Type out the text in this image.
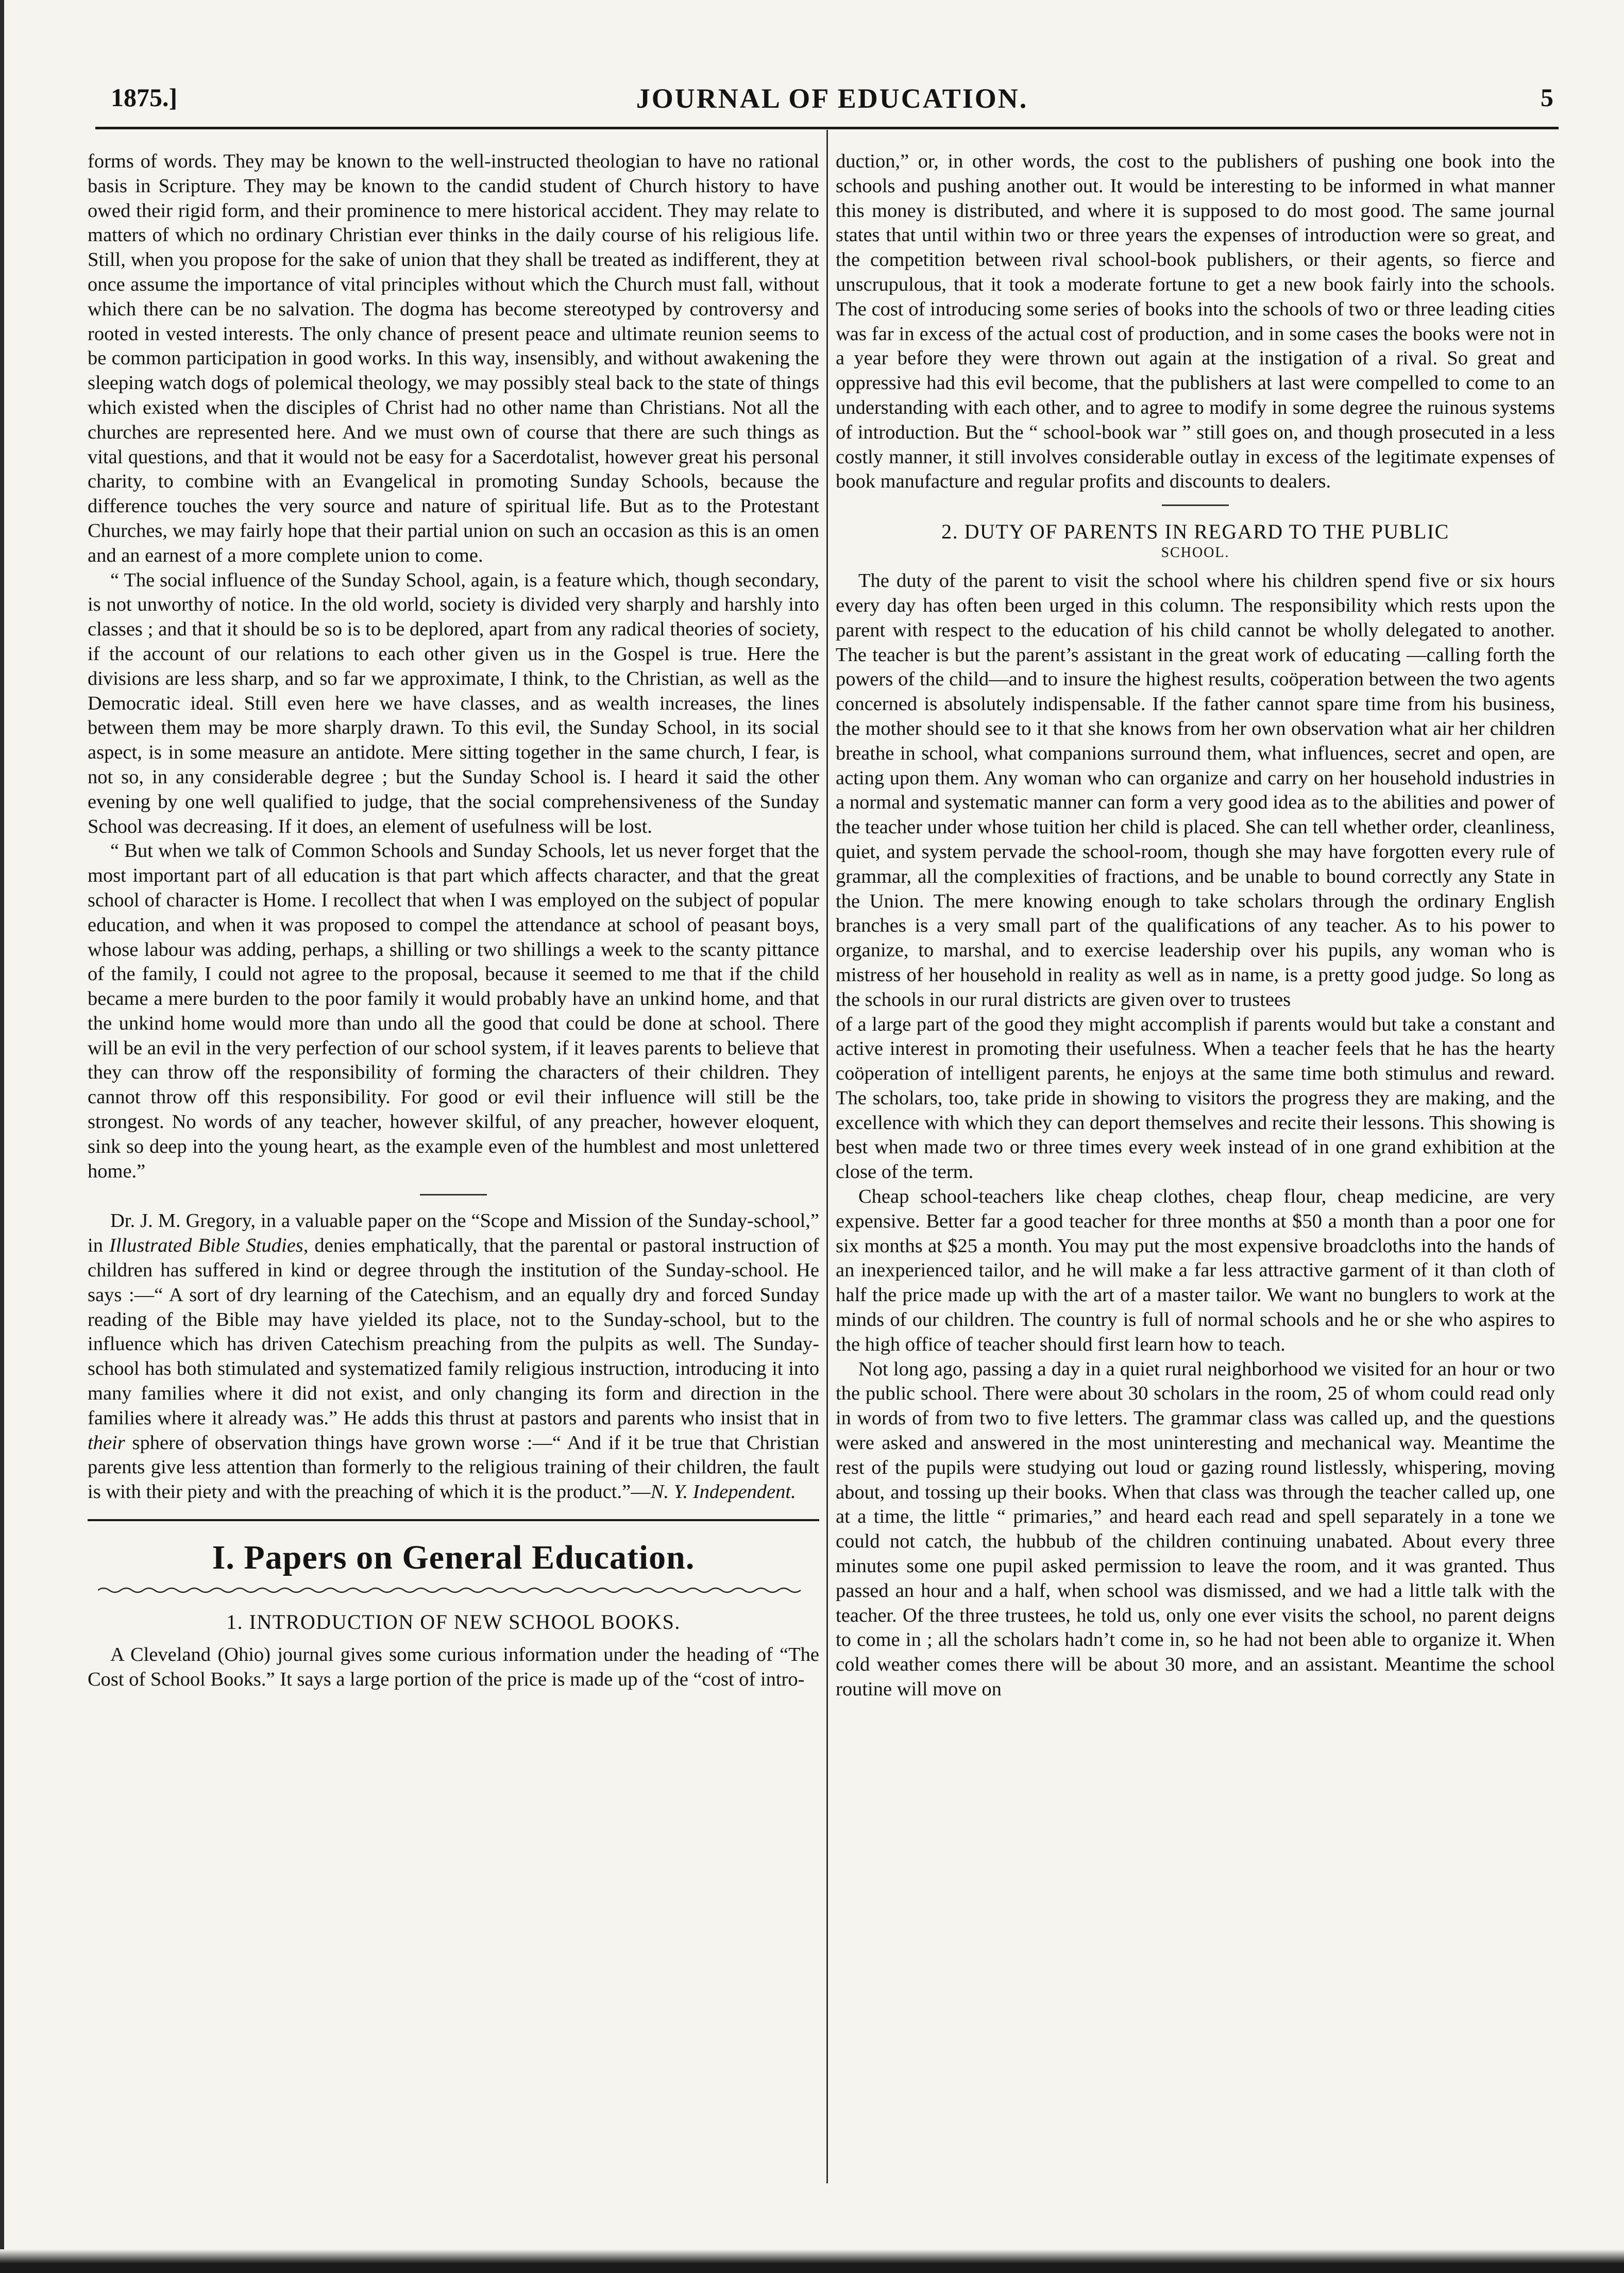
1875.]	JOURNAL OF EDUCATION.	5

forms of words. They may be known to the well-instructed theologian to have no rational basis in Scripture. They may be known to the candid student of Church history to have owed their rigid form, and their prominence to mere historical accident. They may relate to matters of which no ordinary Christian ever thinks in the daily course of his religious life. Still, when you propose for the sake of union that they shall be treated as indifferent, they at once assume the importance of vital principles without which the Church must fall, without which there can be no salvation. The dogma has become stereotyped by controversy and rooted in vested interests. The only chance of present peace and ultimate reunion seems to be common participation in good works. In this way, insensibly, and without awakening the sleeping watch dogs of polemical theology, we may possibly steal back to the state of things which existed when the disciples of Christ had no other name than Christians. Not all the churches are represented here. And we must own of course that there are such things as vital questions, and that it would not be easy for a Sacerdotalist, however great his personal charity, to combine with an Evangelical in promoting Sunday Schools, because the difference touches the very source and nature of spiritual life. But as to the Protestant Churches, we may fairly hope that their partial union on such an occasion as this is an omen and an earnest of a more complete union to come.

“ The social influence of the Sunday School, again, is a feature which, though secondary, is not unworthy of notice. In the old world, society is divided very sharply and harshly into classes ; and that it should be so is to be deplored, apart from any radical theories of society, if the account of our relations to each other given us in the Gospel is true. Here the divisions are less sharp, and so far we approximate, I think, to the Christian, as well as the Democratic ideal. Still even here we have classes, and as wealth increases, the lines between them may be more sharply drawn. To this evil, the Sunday School, in its social aspect, is in some measure an antidote. Mere sitting together in the same church, I fear, is not so, in any considerable degree ; but the Sunday School is. I heard it said the other evening by one well qualified to judge, that the social comprehensiveness of the Sunday School was decreasing. If it does, an element of usefulness will be lost.

“ But when we talk of Common Schools and Sunday Schools, let us never forget that the most important part of all education is that part which affects character, and that the great school of character is Home. I recollect that when I was employed on the subject of popular education, and when it was proposed to compel the attendance at school of peasant boys, whose labour was adding, perhaps, a shilling or two shillings a week to the scanty pittance of the family, I could not agree to the proposal, because it seemed to me that if the child became a mere burden to the poor family it would probably have an unkind home, and that the unkind home would more than undo all the good that could be done at school. There will be an evil in the very perfection of our school system, if it leaves parents to believe that they can throw off the responsibility of forming the characters of their children. They cannot throw off this responsibility. For good or evil their influence will still be the strongest. No words of any teacher, however skilful, of any preacher, however eloquent, sink so deep into the young heart, as the example even of the humblest and most unlettered home.”

Dr. J. M. Gregory, in a valuable paper on the “Scope and Mission of the Sunday-school,” in Illustrated Bible Studies, denies emphatically, that the parental or pastoral instruction of children has suffered in kind or degree through the institution of the Sunday-school. He says :—“ A sort of dry learning of the Catechism, and an equally dry and forced Sunday reading of the Bible may have yielded its place, not to the Sunday-school, but to the influence which has driven Catechism preaching from the pulpits as well. The Sunday-school has both stimulated and systematized family religious instruction, introducing it into many families where it did not exist, and only changing its form and direction in the families where it already was.” He adds this thrust at pastors and parents who insist that in their sphere of observation things have grown worse :—“ And if it be true that Christian parents give less attention than formerly to the religious training of their children, the fault is with their piety and with the preaching of which it is the product.”—N. Y. Independent.

I. Papers on General Education.
1. INTRODUCTION OF NEW SCHOOL BOOKS.

A Cleveland (Ohio) journal gives some curious information under the heading of “The Cost of School Books.” It says a large portion of the price is made up of the “cost of intro-

duction,” or, in other words, the cost to the publishers of pushing one book into the schools and pushing another out. It would be interesting to be informed in what manner this money is distributed, and where it is supposed to do most good. The same journal states that until within two or three years the expenses of introduction were so great, and the competition between rival school-book publishers, or their agents, so fierce and unscrupulous, that it took a moderate fortune to get a new book fairly into the schools. The cost of introducing some series of books into the schools of two or three leading cities was far in excess of the actual cost of production, and in some cases the books were not in a year before they were thrown out again at the instigation of a rival. So great and oppressive had this evil become, that the publishers at last were compelled to come to an understanding with each other, and to agree to modify in some degree the ruinous systems of introduction. But the “ school-book war ” still goes on, and though prosecuted in a less costly manner, it still involves considerable outlay in excess of the legitimate expenses of book manufacture and regular profits and discounts to dealers.

2. DUTY OF PARENTS IN REGARD TO THE PUBLIC
SCHOOL.

The duty of the parent to visit the school where his children spend five or six hours every day has often been urged in this column. The responsibility which rests upon the parent with respect to the education of his child cannot be wholly delegated to another. The teacher is but the parent’s assistant in the great work of educating —calling forth the powers of the child—and to insure the highest results, coöperation between the two agents concerned is absolutely indispensable. If the father cannot spare time from his business, the mother should see to it that she knows from her own observation what air her children breathe in school, what companions surround them, what influences, secret and open, are acting upon them. Any woman who can organize and carry on her household industries in a normal and systematic manner can form a very good idea as to the abilities and power of the teacher under whose tuition her child is placed. She can tell whether order, cleanliness, quiet, and system pervade the school-room, though she may have forgotten every rule of grammar, all the complexities of fractions, and be unable to bound correctly any State in the Union. The mere knowing enough to take scholars through the ordinary English branches is a very small part of the qualifications of any teacher. As to his power to organize, to marshal, and to exercise leadership over his pupils, any woman who is mistress of her household in reality as well as in name, is a pretty good judge. So long as the schools in our rural districts are given over to trustees

of a large part of the good they might accomplish if parents would but take a constant and active interest in promoting their usefulness. When a teacher feels that he has the hearty coöperation of intelligent parents, he enjoys at the same time both stimulus and reward. The scholars, too, take pride in showing to visitors the progress they are making, and the excellence with which they can deport themselves and recite their lessons. This showing is best when made two or three times every week instead of in one grand exhibition at the close of the term.

Cheap school-teachers like cheap clothes, cheap flour, cheap medicine, are very expensive. Better far a good teacher for three months at $50 a month than a poor one for six months at $25 a month. You may put the most expensive broadcloths into the hands of an inexperienced tailor, and he will make a far less attractive garment of it than cloth of half the price made up with the art of a master tailor. We want no bunglers to work at the minds of our children. The country is full of normal schools and he or she who aspires to the high office of teacher should first learn how to teach.

Not long ago, passing a day in a quiet rural neighborhood we visited for an hour or two the public school. There were about 30 scholars in the room, 25 of whom could read only in words of from two to five letters. The grammar class was called up, and the questions were asked and answered in the most uninteresting and mechanical way. Meantime the rest of the pupils were studying out loud or gazing round listlessly, whispering, moving about, and tossing up their books. When that class was through the teacher called up, one at a time, the little “ primaries,” and heard each read and spell separately in a tone we could not catch, the hubbub of the children continuing unabated. About every three minutes some one pupil asked permission to leave the room, and it was granted. Thus passed an hour and a half, when school was dismissed, and we had a little talk with the teacher. Of the three trustees, he told us, only one ever visits the school, no parent deigns to come in ; all the scholars hadn’t come in, so he had not been able to organize it. When cold weather comes there will be about 30 more, and an assistant. Meantime the school routine will move on
